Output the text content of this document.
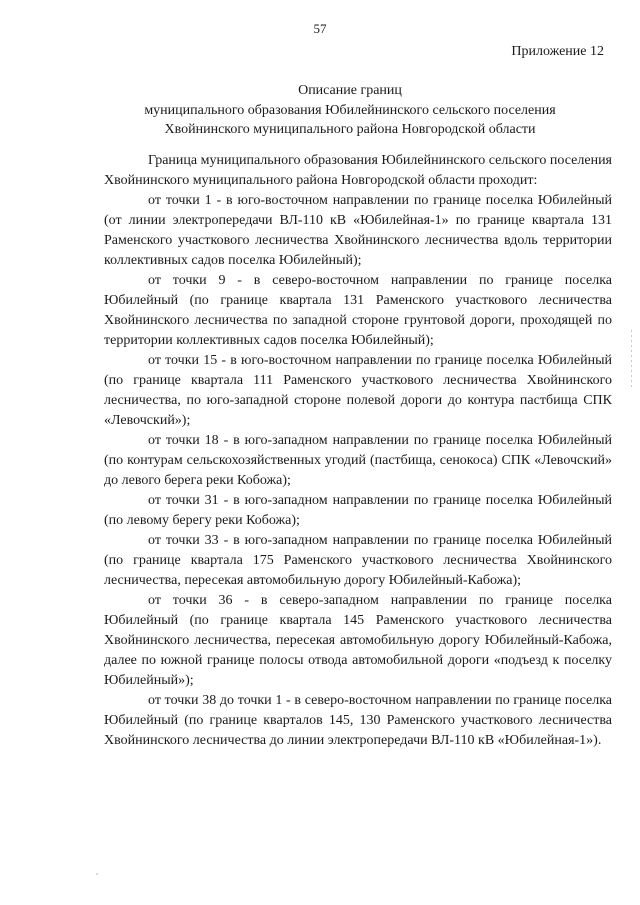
57
Приложение 12
Описание границ
муниципального образования Юбилейнинского сельского поселения
Хвойнинского муниципального района Новгородской области

Граница муниципального образования Юбилейнинского сельского поселения Хвойнинского муниципального района Новгородской области проходит:

от точки 1 - в юго-восточном направлении по границе поселка Юбилейный (от линии электропередачи ВЛ-110 кВ «Юбилейная-1» по границе квартала 131 Раменского участкового лесничества Хвойнинского лесничества вдоль территории коллективных садов поселка Юбилейный);

от точки 9 - в северо-восточном направлении по границе поселка Юбилейный (по границе квартала 131 Раменского участкового лесничества Хвойнинского лесничества по западной стороне грунтовой дороги, проходящей по территории коллективных садов поселка Юбилейный);

от точки 15 - в юго-восточном направлении по границе поселка Юбилейный (по границе квартала 111 Раменского участкового лесничества Хвойнинского лесничества, по юго-западной стороне полевой дороги до контура пастбища СПК «Левочский»);

от точки 18 - в юго-западном направлении по границе поселка Юбилейный (по контурам сельскохозяйственных угодий (пастбища, сенокоса) СПК «Левочский» до левого берега реки Кобожа);

от точки 31 - в юго-западном направлении по границе поселка Юбилейный (по левому берегу реки Кобожа);

от точки 33 - в юго-западном направлении по границе поселка Юбилейный (по границе квартала 175 Раменского участкового лесничества Хвойнинского лесничества, пересекая автомобильную дорогу Юбилейный-Кабожа);

от точки 36 - в северо-западном направлении по границе поселка Юбилейный (по границе квартала 145 Раменского участкового лесничества Хвойнинского лесничества, пересекая автомобильную дорогу Юбилейный-Кабожа, далее по южной границе полосы отвода автомобильной дороги «подъезд к поселку Юбилейный»);

от точки 38 до точки 1 - в северо-восточном направлении по границе поселка Юбилейный (по границе кварталов 145, 130 Раменского участкового лесничества Хвойнинского лесничества до линии электропередачи ВЛ-110 кВ «Юбилейная-1»).
